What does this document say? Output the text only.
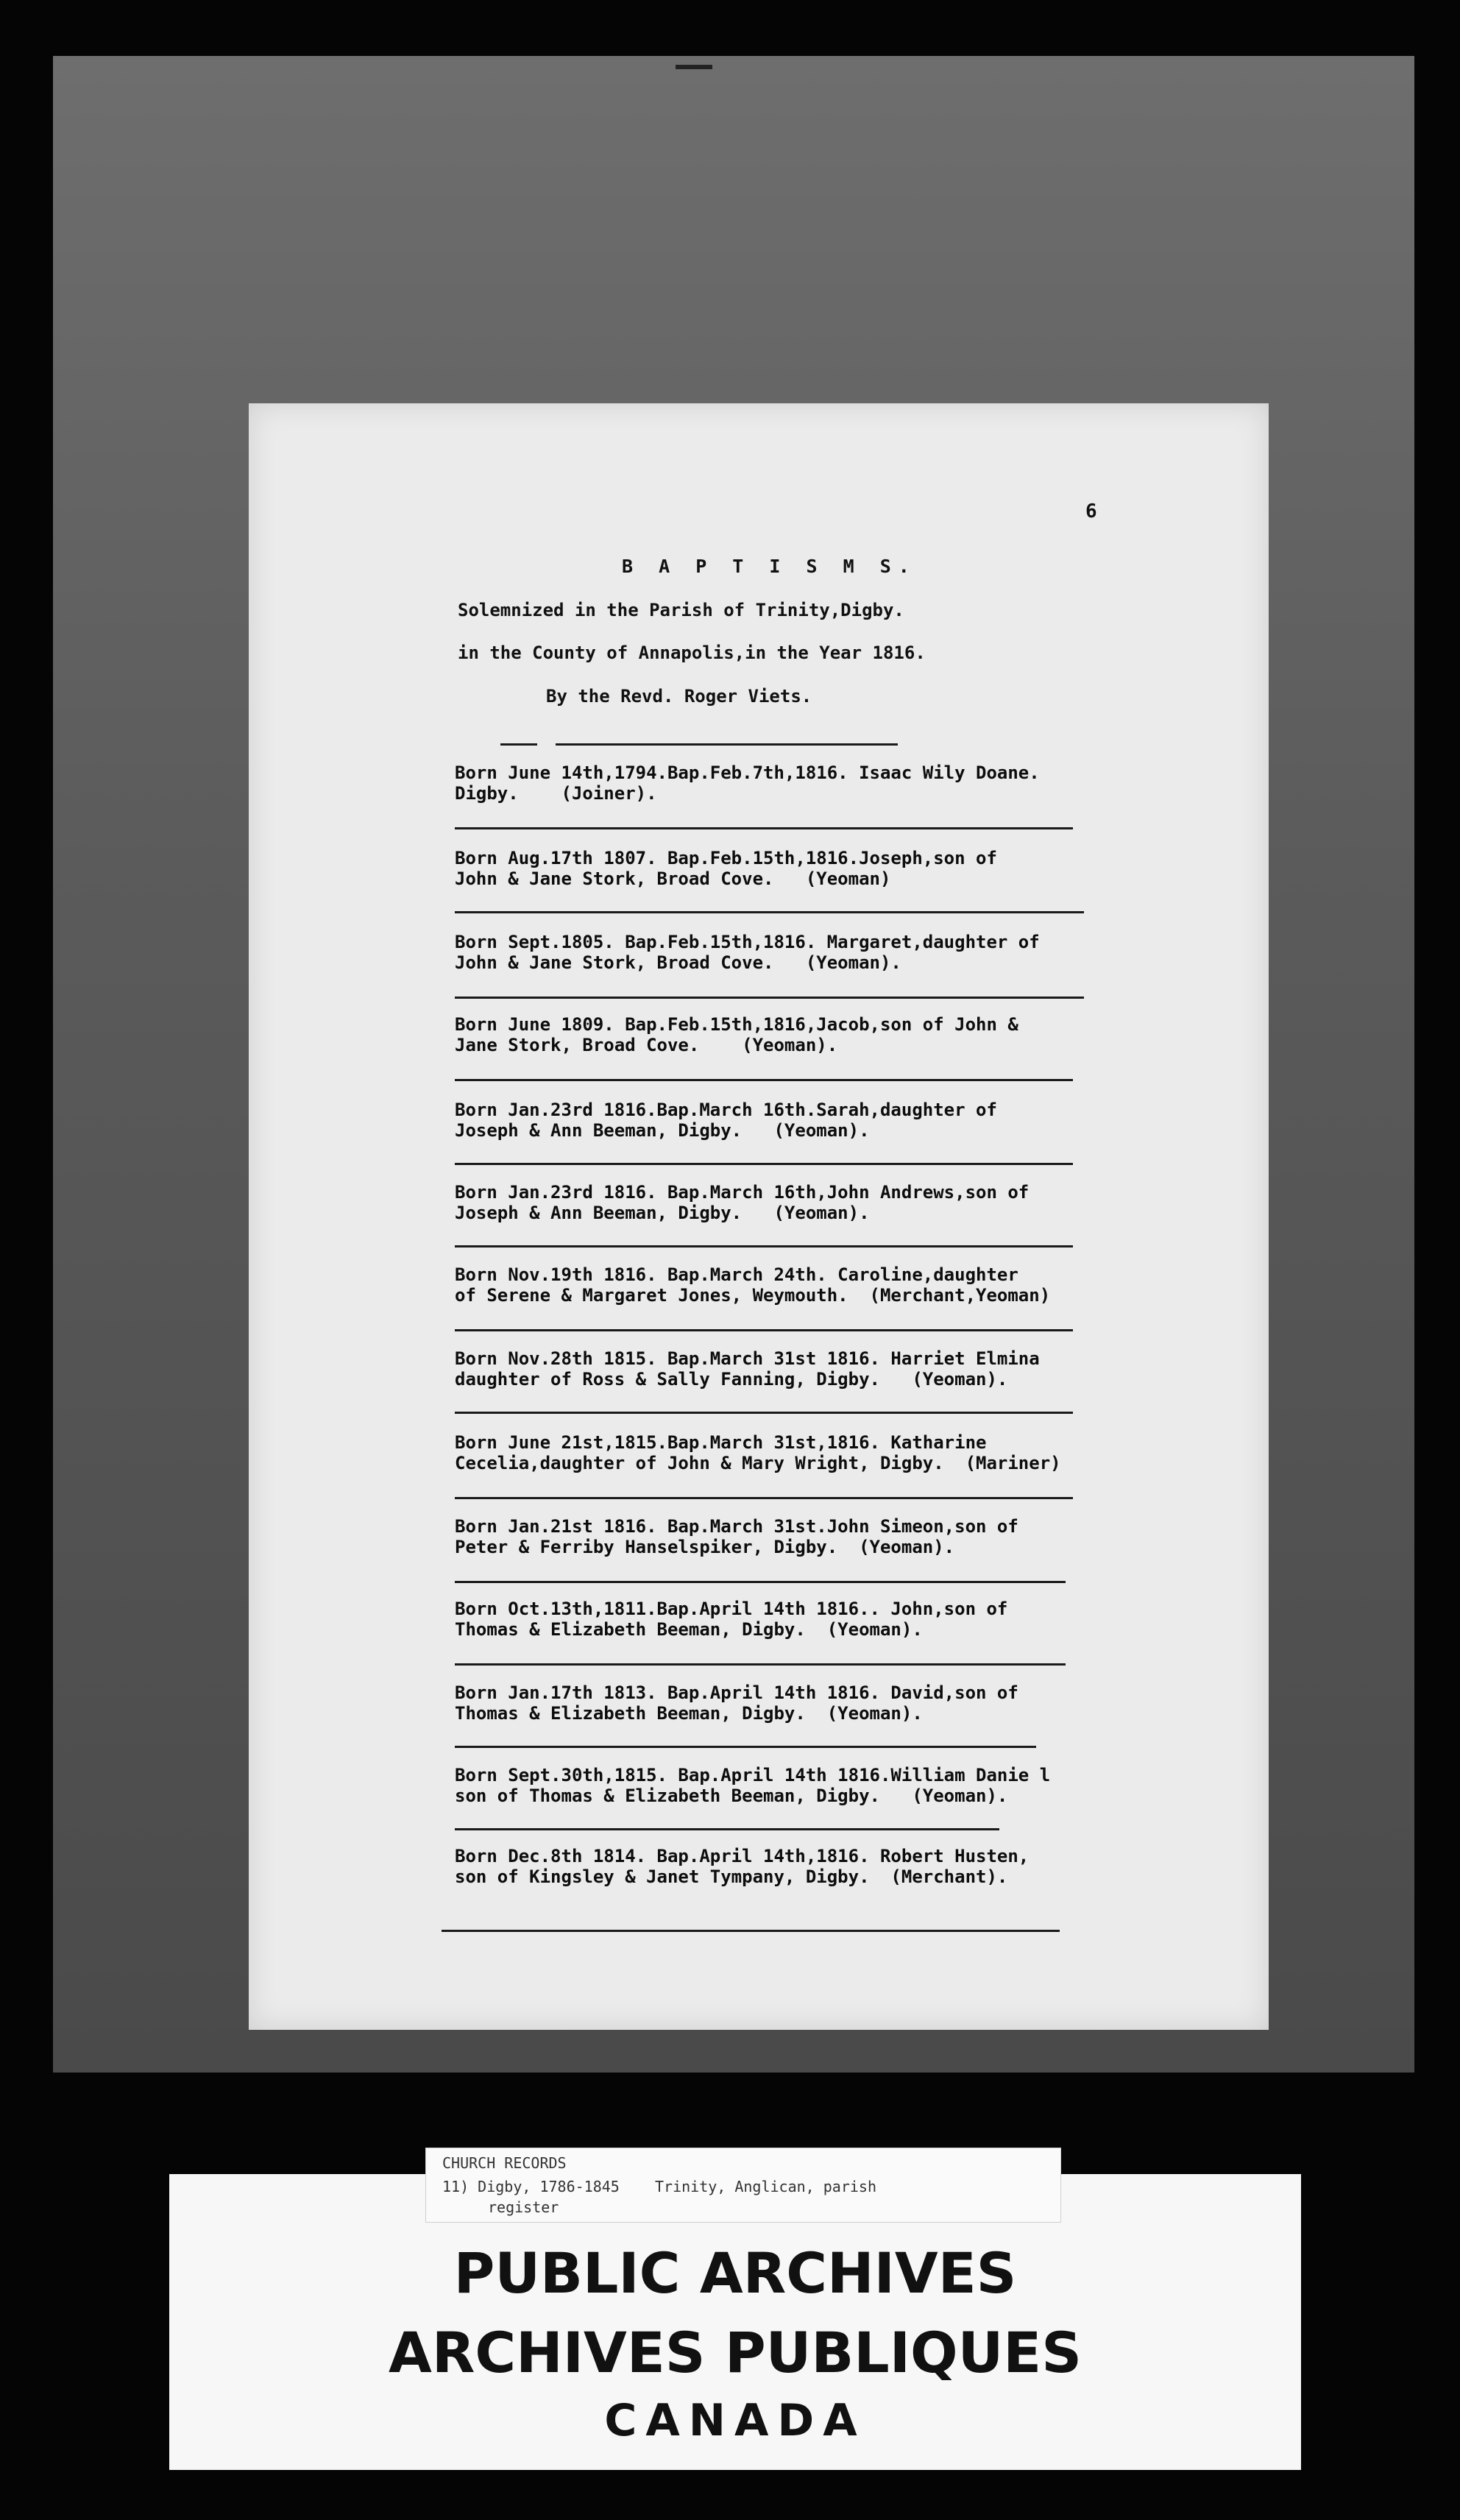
6
B A P T I S M S.
Solemnized in the Parish of Trinity,Digby.
in the County of Annapolis,in the Year 1816.
By the Revd. Roger Viets.
Born June 14th,1794.Bap.Feb.7th,1816. Isaac Wily Doane.
Digby.    (Joiner).
Born Aug.17th 1807. Bap.Feb.15th,1816.Joseph,son of
John & Jane Stork, Broad Cove.   (Yeoman)
Born Sept.1805. Bap.Feb.15th,1816. Margaret,daughter of
John & Jane Stork, Broad Cove.   (Yeoman).
Born June 1809. Bap.Feb.15th,1816,Jacob,son of John &
Jane Stork, Broad Cove.    (Yeoman).
Born Jan.23rd 1816.Bap.March 16th.Sarah,daughter of
Joseph & Ann Beeman, Digby.   (Yeoman).
Born Jan.23rd 1816. Bap.March 16th,John Andrews,son of
Joseph & Ann Beeman, Digby.   (Yeoman).
Born Nov.19th 1816. Bap.March 24th. Caroline,daughter
of Serene & Margaret Jones, Weymouth.  (Merchant,Yeoman)
Born Nov.28th 1815. Bap.March 31st 1816. Harriet Elmina
daughter of Ross & Sally Fanning, Digby.   (Yeoman).
Born June 21st,1815.Bap.March 31st,1816. Katharine
Cecelia,daughter of John & Mary Wright, Digby.  (Mariner)
Born Jan.21st 1816. Bap.March 31st.John Simeon,son of
Peter & Ferriby Hanselspiker, Digby.  (Yeoman).
Born Oct.13th,1811.Bap.April 14th 1816.. John,son of
Thomas & Elizabeth Beeman, Digby.  (Yeoman).
Born Jan.17th 1813. Bap.April 14th 1816. David,son of
Thomas & Elizabeth Beeman, Digby.  (Yeoman).
Born Sept.30th,1815. Bap.April 14th 1816.William Danie l
son of Thomas & Elizabeth Beeman, Digby.   (Yeoman).
Born Dec.8th 1814. Bap.April 14th,1816. Robert Husten,
son of Kingsley & Janet Tympany, Digby.  (Merchant).
PUBLIC ARCHIVES
ARCHIVES PUBLIQUES
CANADA
CHURCH RECORDS
11) Digby, 1786-1845    Trinity, Anglican, parish
register
